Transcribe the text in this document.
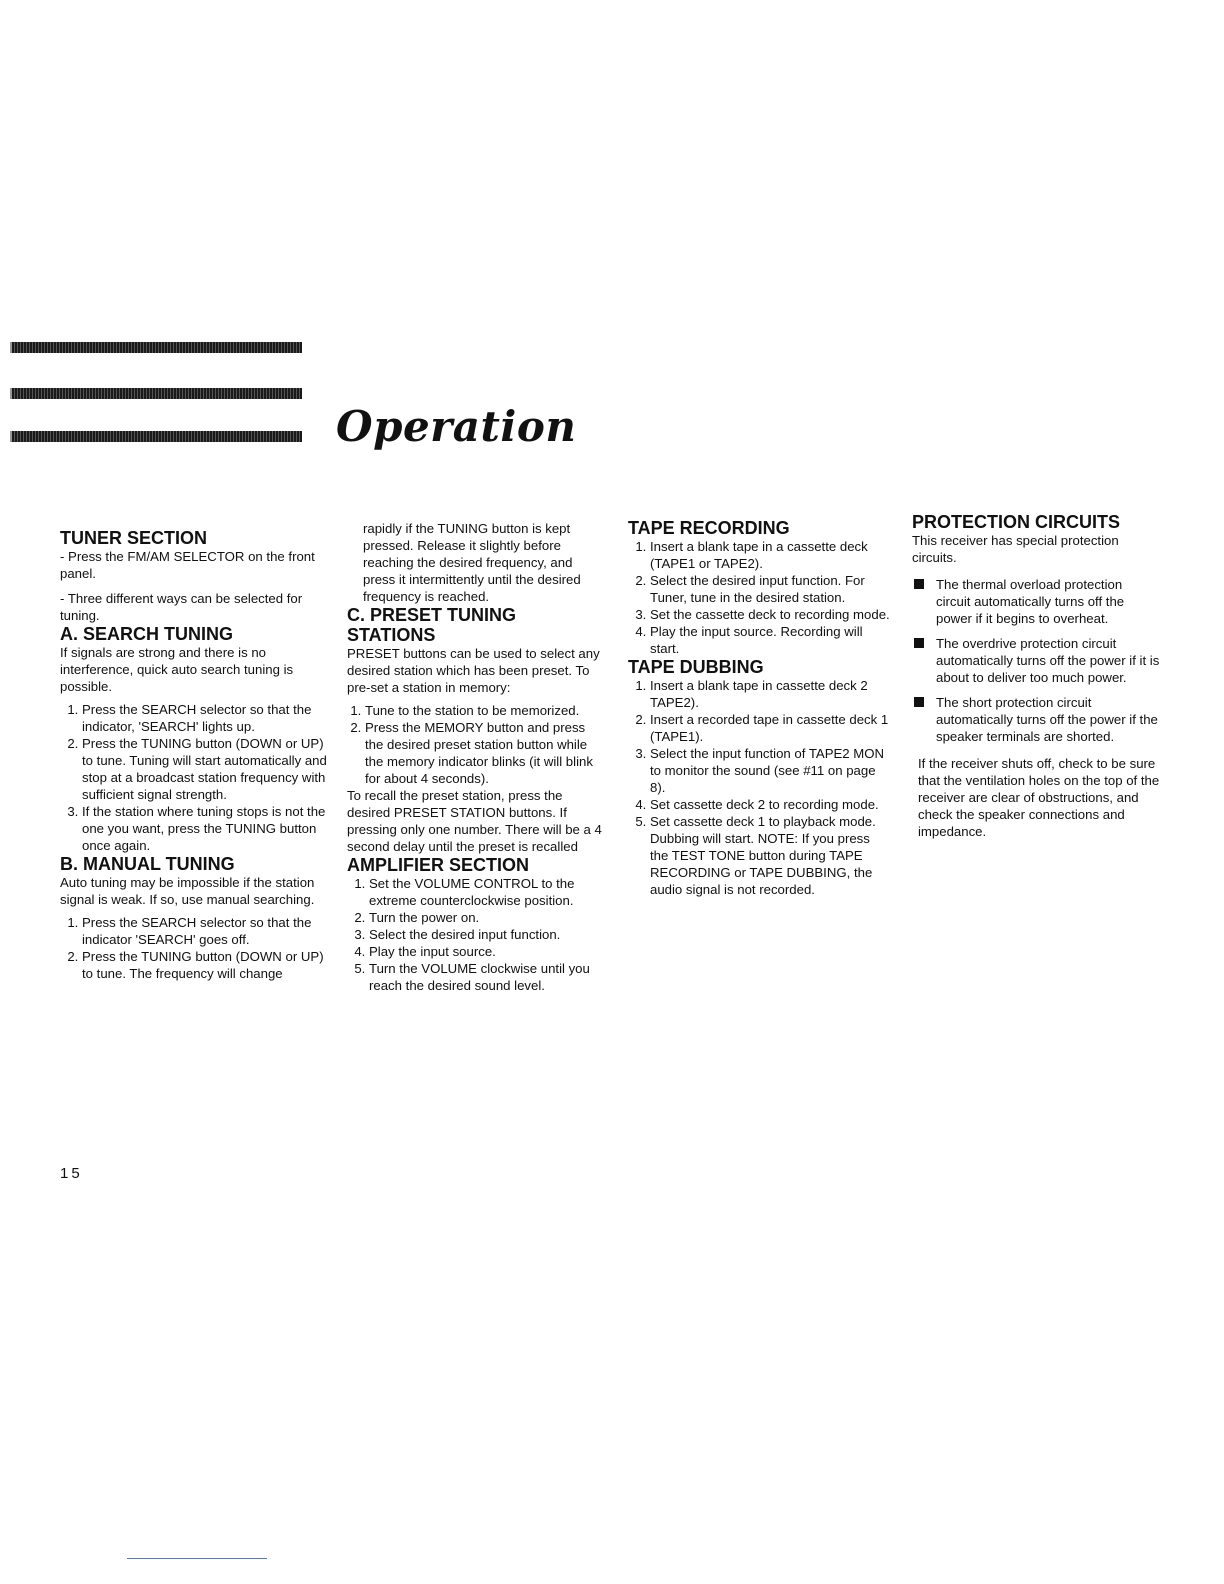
Operation
TUNER SECTION

- Press the FM/AM SELECTOR on the front panel.

- Three different ways can be selected for tuning.

A. SEARCH TUNING

If signals are strong and there is no interference, quick auto search tuning is possible.

1. Press the SEARCH selector so that the indicator, 'SEARCH' lights up.
2. Press the TUNING button (DOWN or UP) to tune. Tuning will start automatically and stop at a broadcast station frequency with sufficient signal strength.
3. If the station where tuning stops is not the one you want, press the TUNING button once again.
B. MANUAL TUNING

Auto tuning may be impossible if the station signal is weak. If so, use manual searching.

1. Press the SEARCH selector so that the indicator 'SEARCH' goes off.
2. Press the TUNING button (DOWN or UP) to tune. The frequency will change

rapidly if the TUNING button is kept pressed. Release it slightly before reaching the desired frequency, and press it intermittently until the desired frequency is reached.

C. PRESET TUNING STATIONS

PRESET buttons can be used to select any desired station which has been preset. To pre-set a station in memory:

1. Tune to the station to be memorized.
2. Press the MEMORY button and press the desired preset station button while the memory indicator blinks (it will blink for about 4 seconds).

To recall the preset station, press the desired PRESET STATION buttons. If pressing only one number. There will be a 4 second delay until the preset is recalled

AMPLIFIER SECTION
1. Set the VOLUME CONTROL to the extreme counterclockwise position.
2. Turn the power on.
3. Select the desired input function.
4. Play the input source.
5. Turn the VOLUME clockwise until you reach the desired sound level.
TAPE RECORDING
1. Insert a blank tape in a cassette deck (TAPE1 or TAPE2).
2. Select the desired input function. For Tuner, tune in the desired station.
3. Set the cassette deck to recording mode.
4. Play the input source. Recording will start.
TAPE DUBBING
1. Insert a blank tape in cassette deck 2 TAPE2).
2. Insert a recorded tape in cassette deck 1 (TAPE1).
3. Select the input function of TAPE2 MON to monitor the sound (see #11 on page 8).
4. Set cassette deck 2 to recording mode.
5. Set cassette deck 1 to playback mode. Dubbing will start. NOTE: If you press the TEST TONE button during TAPE RECORDING or TAPE DUBBING, the audio signal is not recorded.
PROTECTION CIRCUITS

This receiver has special protection circuits.

The thermal overload protection circuit automatically turns off the power if it begins to overheat.
The overdrive protection circuit automatically turns off the power if it is about to deliver too much power.
The short protection circuit automatically turns off the power if the speaker terminals are shorted.

If the receiver shuts off, check to be sure that the ventilation holes on the top of the receiver are clear of obstructions, and check the speaker connections and impedance.

15
